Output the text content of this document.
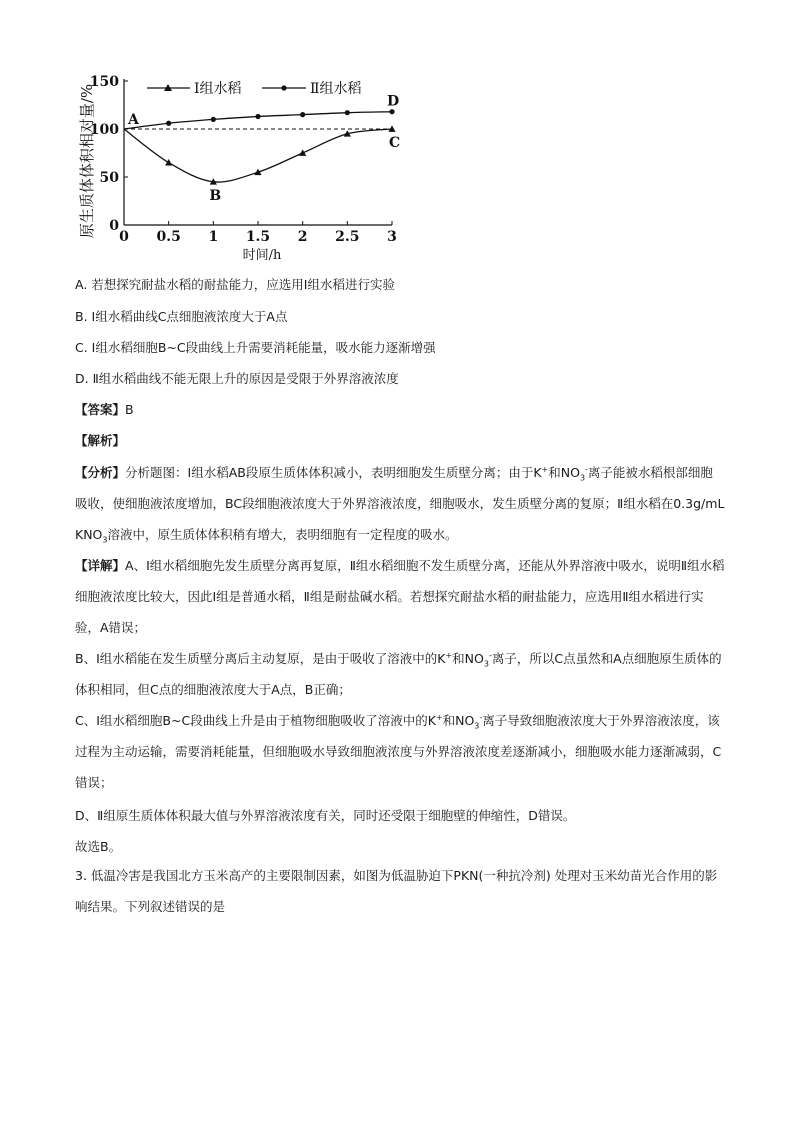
0
50
100
150
0 0.5 1 1.5 2 2.5 3
时间/h
原生质体体积相对量/%	Ⅰ组水稻	Ⅱ组水稻
A
B
C
D
A. 若想探究耐盐水稻的耐盐能力，应选用Ⅰ组水稻进行实验
B. Ⅰ组水稻曲线C点细胞液浓度大于A点
C. Ⅰ组水稻细胞B~C段曲线上升需要消耗能量，吸水能力逐渐增强
D. Ⅱ组水稻曲线不能无限上升的原因是受限于外界溶液浓度
【答案】B
【解析】
【分析】分析题图：Ⅰ组水稻AB段原生质体体积减小，表明细胞发生质壁分离；由于K+和$NO_3^-$离子能被水稻根部细胞吸收，使细胞液浓度增加，BC段细胞液浓度大于外界溶液浓度，细胞吸水，发生质壁分离的复原；Ⅱ组水稻在0.3g/mL $KNO_3$溶液中，原生质体体积稍有增大，表明细胞有一定程度的吸水。
【详解】A、Ⅰ组水稻细胞先发生质壁分离再复原，Ⅱ组水稻细胞不发生质壁分离，还能从外界溶液中吸水，说明Ⅱ组水稻细胞液浓度比较大，因此Ⅰ组是普通水稻，Ⅱ组是耐盐碱水稻。若想探究耐盐水稻的耐盐能力，应选用Ⅱ组水稻进行实验，A错误；
B、Ⅰ组水稻能在发生质壁分离后主动复原，是由于吸收了溶液中的K+和$NO_3^-$离子，所以C点虽然和A点细胞原生质体的体积相同，但C点的细胞液浓度大于A点，B正确；
C、Ⅰ组水稻细胞B~C段曲线上升是由于植物细胞吸收了溶液中的K+和$NO_3^-$离子导致细胞液浓度大于外界溶液浓度，该过程为主动运输，需要消耗能量，但细胞吸水导致细胞液浓度与外界溶液浓度差逐渐减小，细胞吸水能力逐渐减弱，C错误；
D、Ⅱ组原生质体体积最大值与外界溶液浓度有关，同时还受限于细胞壁的伸缩性，D错误。
故选B。
3. 低温冷害是我国北方玉米高产的主要限制因素，如图为低温胁迫下PKN(一种抗冷剂) 处理对玉米幼苗光合作用的影响结果。下列叙述错误的是
